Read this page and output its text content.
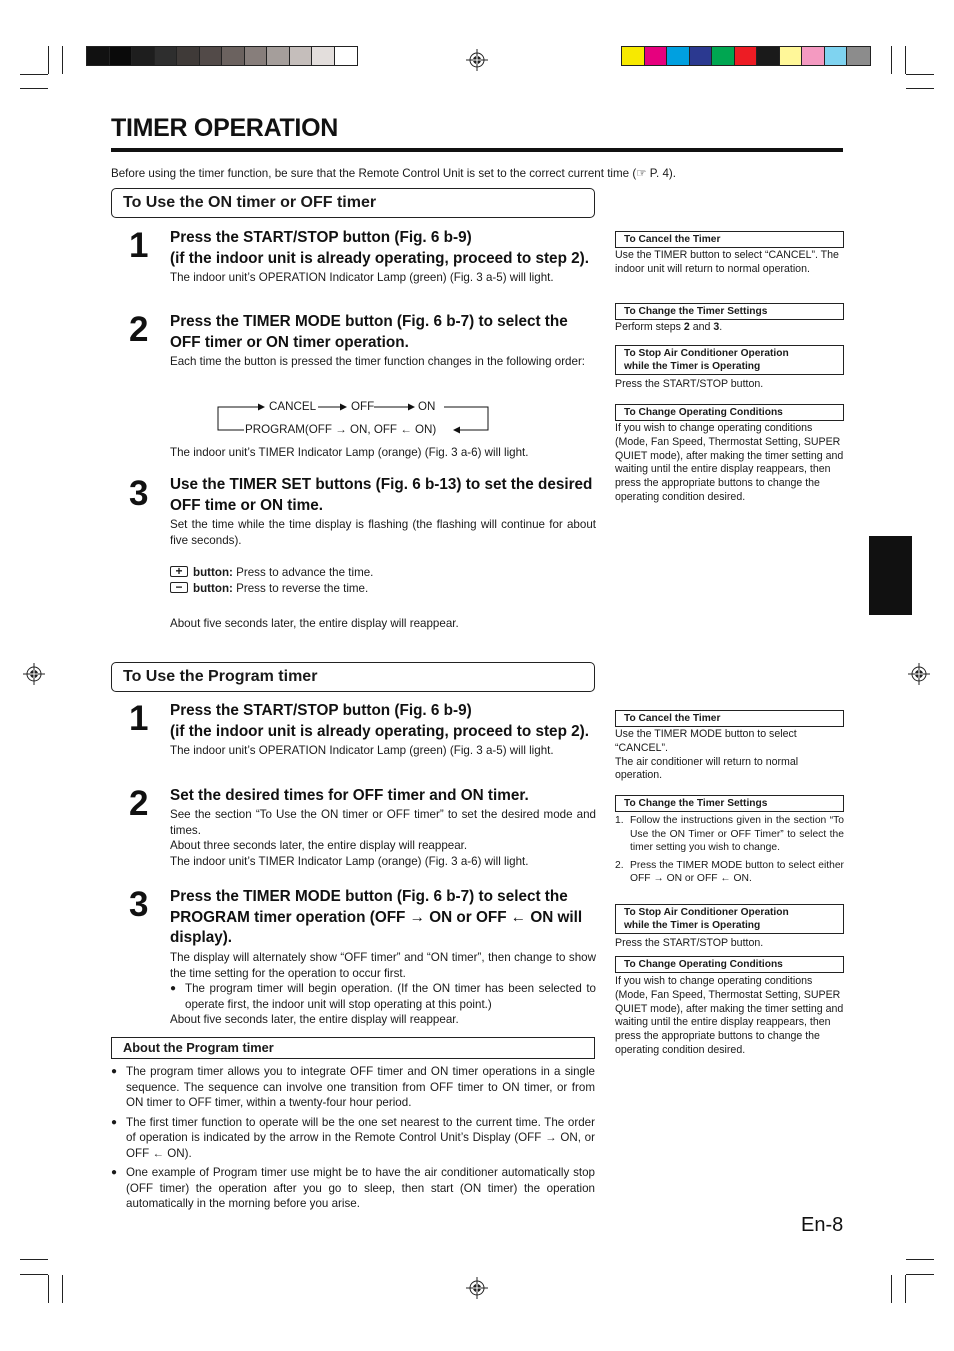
TIMER OPERATION
Before using the timer function, be sure that the Remote Control Unit is set to the correct current time (☞ P. 4).
To Use the ON timer or OFF timer
1 Press the START/STOP button (Fig. 6 b-9)
(if the indoor unit is already operating, proceed to step 2).
The indoor unit’s OPERATION Indicator Lamp (green) (Fig. 3 a-5) will light.
2 Press the TIMER MODE button (Fig. 6 b-7) to select the OFF timer or ON timer operation.
Each time the button is pressed the timer function changes in the following order:
CANCEL	OFF	ON
PROGRAM(OFF → ON, OFF ← ON)
The indoor unit’s TIMER Indicator Lamp (orange) (Fig. 3 a-6) will light.
3 Use the TIMER SET buttons (Fig. 6 b-13) to set the desired OFF time or ON time.
Set the time while the time display is flashing (the flashing will continue for about five seconds).

+ button: Press to advance the time.

− button: Press to reverse the time.

About five seconds later, the entire display will reappear.
To Cancel the Timer
Use the TIMER button to select “CANCEL”. The indoor unit will return to normal operation.
To Change the Timer Settings
Perform steps 2 and 3.
To Stop Air Conditioner Operation
while the Timer is Operating
Press the START/STOP button.
To Change Operating Conditions
If you wish to change operating conditions (Mode, Fan Speed, Thermostat Setting, SUPER QUIET mode), after making the timer setting and waiting until the entire display reappears, then press the appropriate buttons to change the operating condition desired.
To Use the Program timer
1 Press the START/STOP button (Fig. 6 b-9)
(if the indoor unit is already operating, proceed to step 2).
The indoor unit’s OPERATION Indicator Lamp (green) (Fig. 3 a-5) will light.
2 Set the desired times for OFF timer and ON timer.

See the section “To Use the ON timer or OFF timer” to set the desired mode and times.

About three seconds later, the entire display will reappear.

The indoor unit’s TIMER Indicator Lamp (orange) (Fig. 3 a-6) will light.

3 Press the TIMER MODE button (Fig. 6 b-7) to select the PROGRAM timer operation (OFF → ON or OFF ← ON will display).

The display will alternately show “OFF timer” and “ON timer”, then change to show the time setting for the operation to occur first.

● The program timer will begin operation. (If the ON timer has been selected to operate first, the indoor unit will stop operating at this point.)

About five seconds later, the entire display will reappear.

To Cancel the Timer

Use the TIMER MODE button to select “CANCEL”.

The air conditioner will return to normal operation.

To Change the Timer Settings
1. Follow the instructions given in the section “To Use the ON Timer or OFF Timer” to select the timer setting you wish to change.
2. Press the TIMER MODE button to select either OFF → ON or OFF ← ON.
To Stop Air Conditioner Operation
while the Timer is Operating
Press the START/STOP button.
To Change Operating Conditions
If you wish to change operating conditions (Mode, Fan Speed, Thermostat Setting, SUPER QUIET mode), after making the timer setting and waiting until the entire display reappears, then press the appropriate buttons to change the operating condition desired.
About the Program timer
● The program timer allows you to integrate OFF timer and ON timer operations in a single sequence. The sequence can involve one transition from OFF timer to ON timer, or from ON timer to OFF timer, within a twenty-four hour period.
● The first timer function to operate will be the one set nearest to the current time. The order of operation is indicated by the arrow in the Remote Control Unit’s Display (OFF → ON, or OFF ← ON).
● One example of Program timer use might be to have the air conditioner automatically stop (OFF timer) the operation after you go to sleep, then start (ON timer) the operation automatically in the morning before you arise.
En-8
